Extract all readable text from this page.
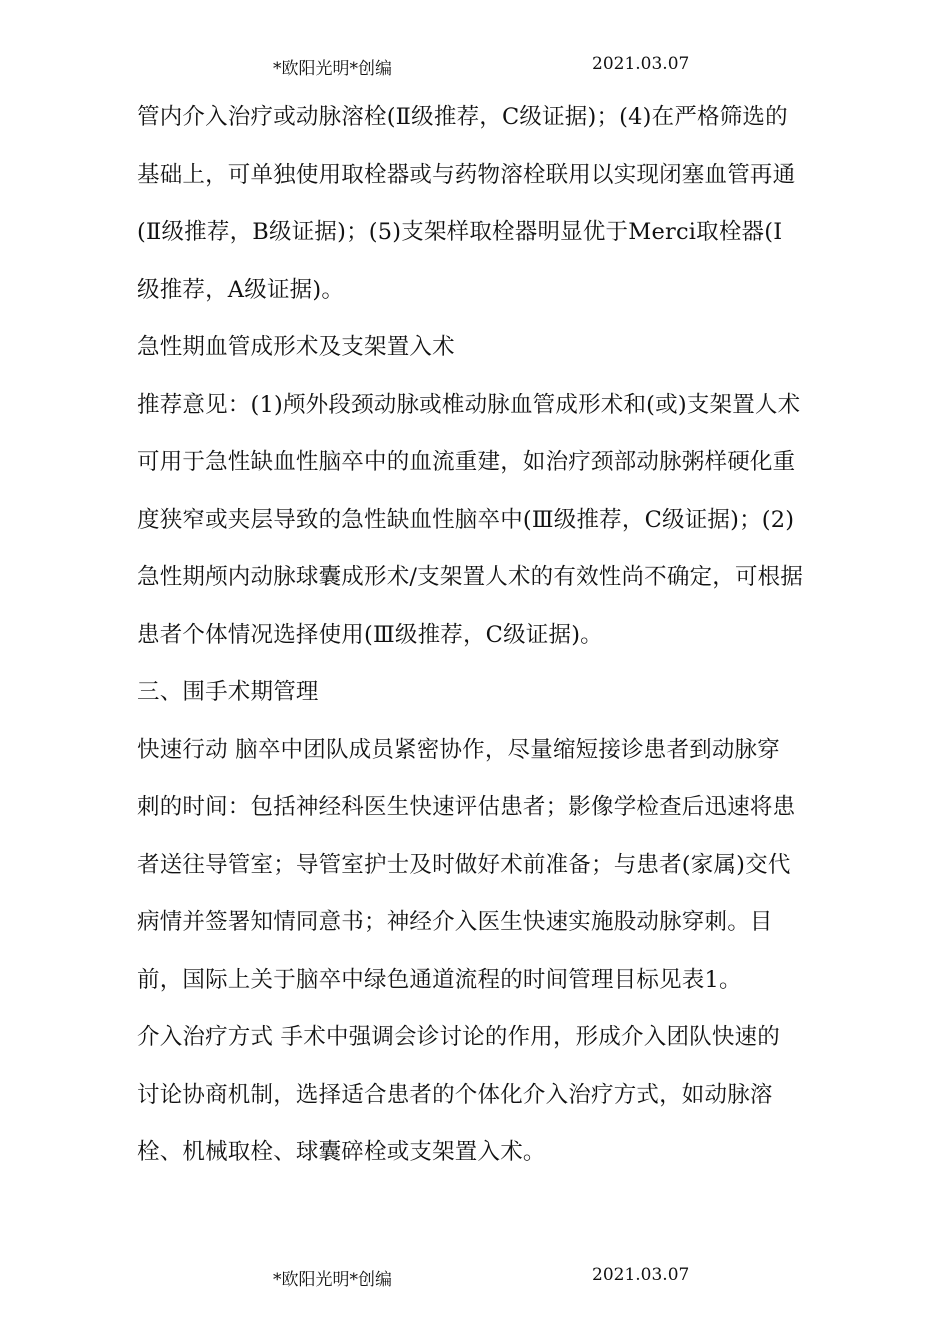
*欧阳光明*创编	2021.03.07
管内介入治疗或动脉溶栓(Ⅱ级推荐，C级证据)；(4)在严格筛选的
基础上，可单独使用取栓器或与药物溶栓联用以实现闭塞血管再通
(Ⅱ级推荐，B级证据)；(5)支架样取栓器明显优于Merci取栓器(I
级推荐，A级证据)。
急性期血管成形术及支架置入术
推荐意见：(1)颅外段颈动脉或椎动脉血管成形术和(或)支架置人术
可用于急性缺血性脑卒中的血流重建，如治疗颈部动脉粥样硬化重
度狭窄或夹层导致的急性缺血性脑卒中(Ⅲ级推荐，C级证据)；(2)
急性期颅内动脉球囊成形术/支架置人术的有效性尚不确定，可根据
患者个体情况选择使用(Ⅲ级推荐，C级证据)。
三、围手术期管理
快速行动 脑卒中团队成员紧密协作，尽量缩短接诊患者到动脉穿
刺的时间：包括神经科医生快速评估患者；影像学检查后迅速将患
者送往导管室；导管室护士及时做好术前准备；与患者(家属)交代
病情并签署知情同意书；神经介入医生快速实施股动脉穿刺。目
前，国际上关于脑卒中绿色通道流程的时间管理目标见表1。
介入治疗方式 手术中强调会诊讨论的作用，形成介入团队快速的
讨论协商机制，选择适合患者的个体化介入治疗方式，如动脉溶
栓、机械取栓、球囊碎栓或支架置入术。
*欧阳光明*创编	2021.03.07
